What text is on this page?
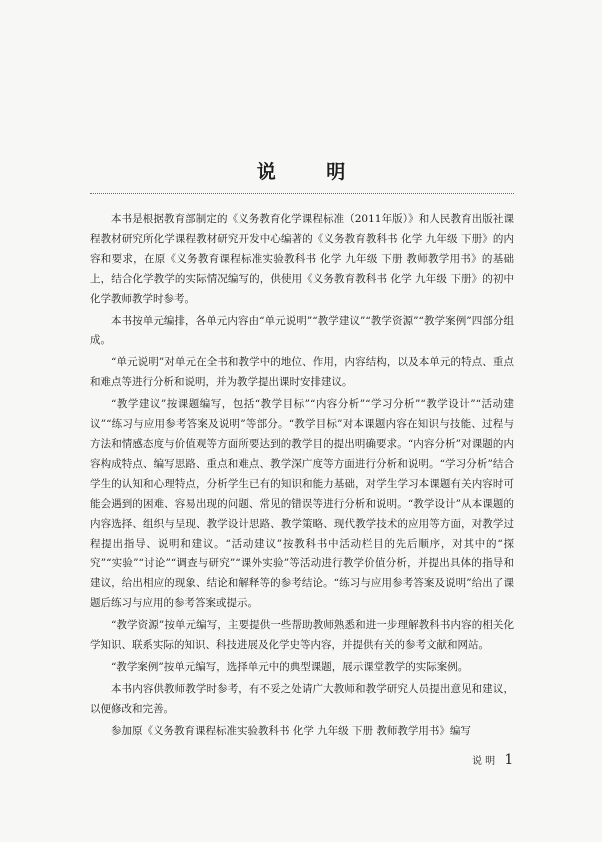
说 明

本书是根据教育部制定的《义务教育化学课程标准（2011年版）》和人民教育出版社课程教材研究所化学课程教材研究开发中心编著的《义务教育教科书 化学 九年级 下册》的内容和要求，在原《义务教育课程标准实验教科书 化学 九年级 下册 教师教学用书》的基础上，结合化学教学的实际情况编写的，供使用《义务教育教科书 化学 九年级 下册》的初中化学教师教学时参考。

本书按单元编排，各单元内容由“单元说明”“教学建议”“教学资源”“教学案例”四部分组成。

“单元说明”对单元在全书和教学中的地位、作用，内容结构，以及本单元的特点、重点和难点等进行分析和说明，并为教学提出课时安排建议。

“教学建议”按课题编写，包括“教学目标”“内容分析”“学习分析”“教学设计”“活动建议”“练习与应用参考答案及说明”等部分。“教学目标”对本课题内容在知识与技能、过程与方法和情感态度与价值观等方面所要达到的教学目的提出明确要求。“内容分析”对课题的内容构成特点、编写思路、重点和难点、教学深广度等方面进行分析和说明。“学习分析”结合学生的认知和心理特点，分析学生已有的知识和能力基础，对学生学习本课题有关内容时可能会遇到的困难、容易出现的问题、常见的错误等进行分析和说明。“教学设计”从本课题的内容选择、组织与呈现、教学设计思路、教学策略、现代教学技术的应用等方面，对教学过程提出指导、说明和建议。“活动建议”按教科书中活动栏目的先后顺序，对其中的“探究”“实验”“讨论”“调查与研究”“课外实验”等活动进行教学价值分析，并提出具体的指导和建议，给出相应的现象、结论和解释等的参考结论。“练习与应用参考答案及说明”给出了课题后练习与应用的参考答案或提示。

“教学资源”按单元编写，主要提供一些帮助教师熟悉和进一步理解教科书内容的相关化学知识、联系实际的知识、科技进展及化学史等内容，并提供有关的参考文献和网站。

“教学案例”按单元编写，选择单元中的典型课题，展示课堂教学的实际案例。

本书内容供教师教学时参考，有不妥之处请广大教师和教学研究人员提出意见和建议，以便修改和完善。

参加原《义务教育课程标准实验教科书 化学 九年级 下册 教师教学用书》编写

说 明 1
